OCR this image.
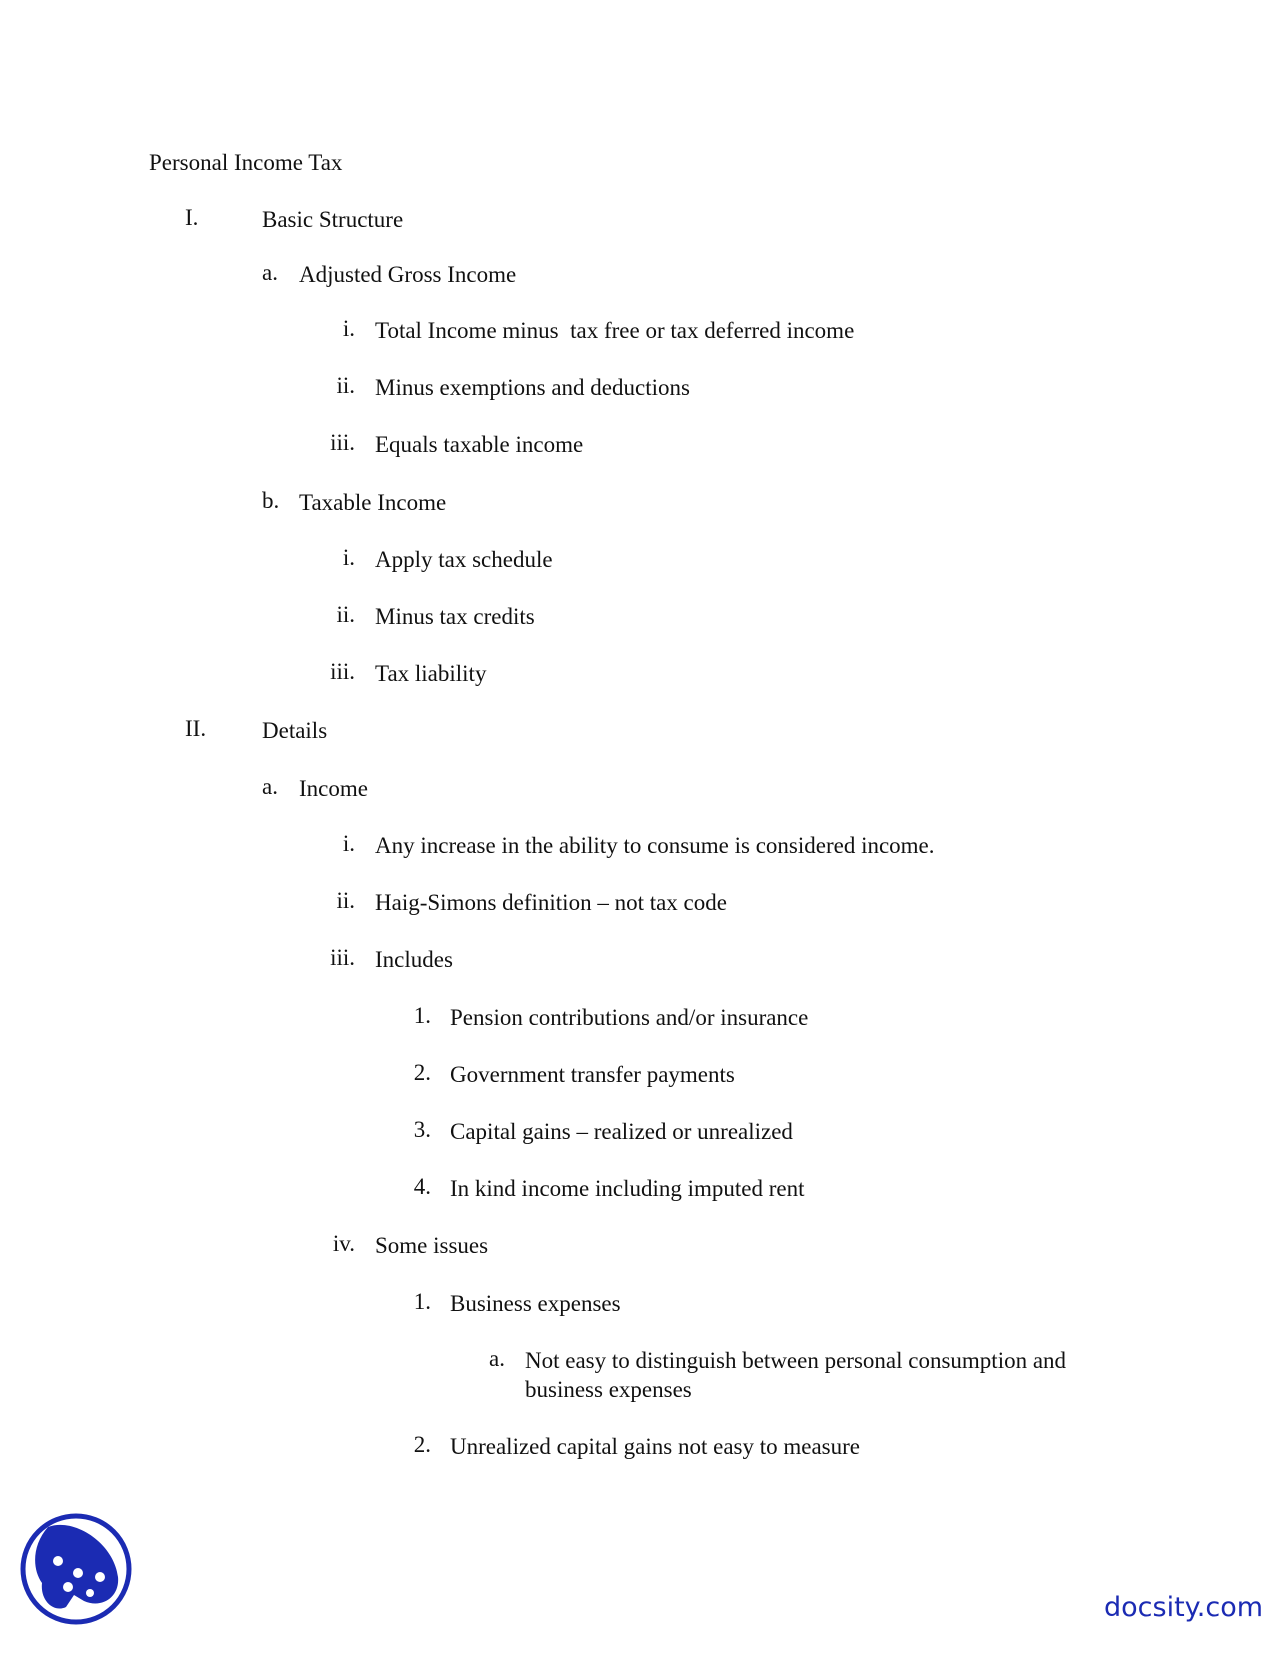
Personal Income Tax
I.	Basic Structure
a. Adjusted Gross Income
i. Total Income minus  tax free or tax deferred income
ii. Minus exemptions and deductions
iii. Equals taxable income
b. Taxable Income
i. Apply tax schedule
ii. Minus tax credits
iii. Tax liability
II. Details
a. Income
i. Any increase in the ability to consume is considered income.
ii. Haig-Simons definition – not tax code
iii. Includes
1. Pension contributions and/or insurance
2. Government transfer payments
3. Capital gains – realized or unrealized
4. In kind income including imputed rent
iv. Some issues
1. Business expenses
a. Not easy to distinguish between personal consumption and business expenses
2. Unrealized capital gains not easy to measure
docsity.com
